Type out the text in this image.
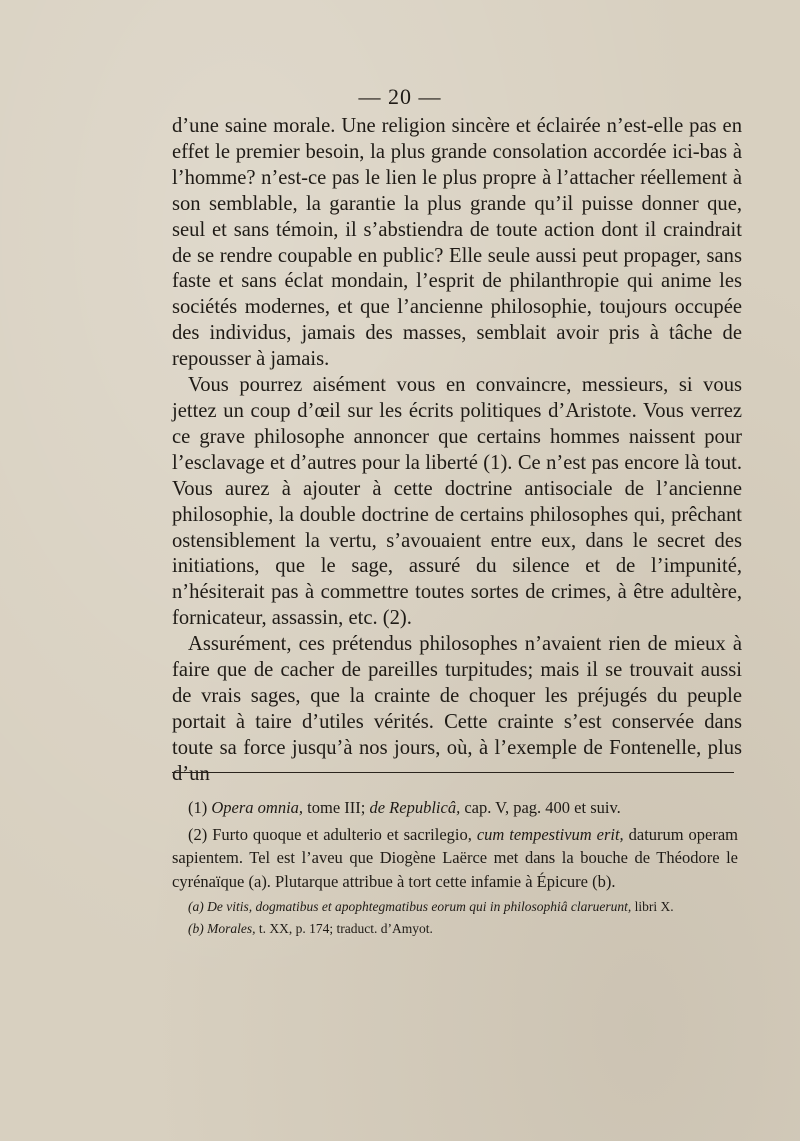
— 20 —

d’une saine morale. Une religion sincère et éclairée n’est-elle pas en effet le premier besoin, la plus grande consolation accordée ici-bas à l’homme? n’est-ce pas le lien le plus propre à l’attacher réellement à son semblable, la garantie la plus grande qu’il puisse donner que, seul et sans témoin, il s’abstiendra de toute action dont il craindrait de se rendre coupable en public? Elle seule aussi peut propager, sans faste et sans éclat mondain, l’esprit de philanthropie qui anime les sociétés modernes, et que l’ancienne philosophie, toujours occupée des individus, jamais des masses, semblait avoir pris à tâche de repousser à jamais.

Vous pourrez aisément vous en convaincre, messieurs, si vous jettez un coup d’œil sur les écrits politiques d’Aristote. Vous verrez ce grave philosophe annoncer que certains hommes naissent pour l’esclavage et d’autres pour la liberté (1). Ce n’est pas encore là tout. Vous aurez à ajouter à cette doctrine antisociale de l’ancienne philosophie, la double doctrine de certains philosophes qui, prêchant ostensiblement la vertu, s’avouaient entre eux, dans le secret des initiations, que le sage, assuré du silence et de l’impunité, n’hésiterait pas à commettre toutes sortes de crimes, à être adultère, fornicateur, assassin, etc. (2).

Assurément, ces prétendus philosophes n’avaient rien de mieux à faire que de cacher de pareilles turpitudes; mais il se trouvait aussi de vrais sages, que la crainte de choquer les préjugés du peuple portait à taire d’utiles vérités. Cette crainte s’est conservée dans toute sa force jusqu’à nos jours, où, à l’exemple de Fontenelle, plus d’un

(1) Opera omnia, tome III; de Republicâ, cap. V, pag. 400 et suiv.

(2) Furto quoque et adulterio et sacrilegio, cum tempestivum erit, daturum operam sapientem. Tel est l’aveu que Diogène Laërce met dans la bouche de Théodore le cyrénaïque (a). Plutarque attribue à tort cette infamie à Épicure (b).

(a) De vitis, dogmatibus et apophtegmatibus eorum qui in philosophiâ claruerunt, libri X.

(b) Morales, t. XX, p. 174; traduct. d’Amyot.
